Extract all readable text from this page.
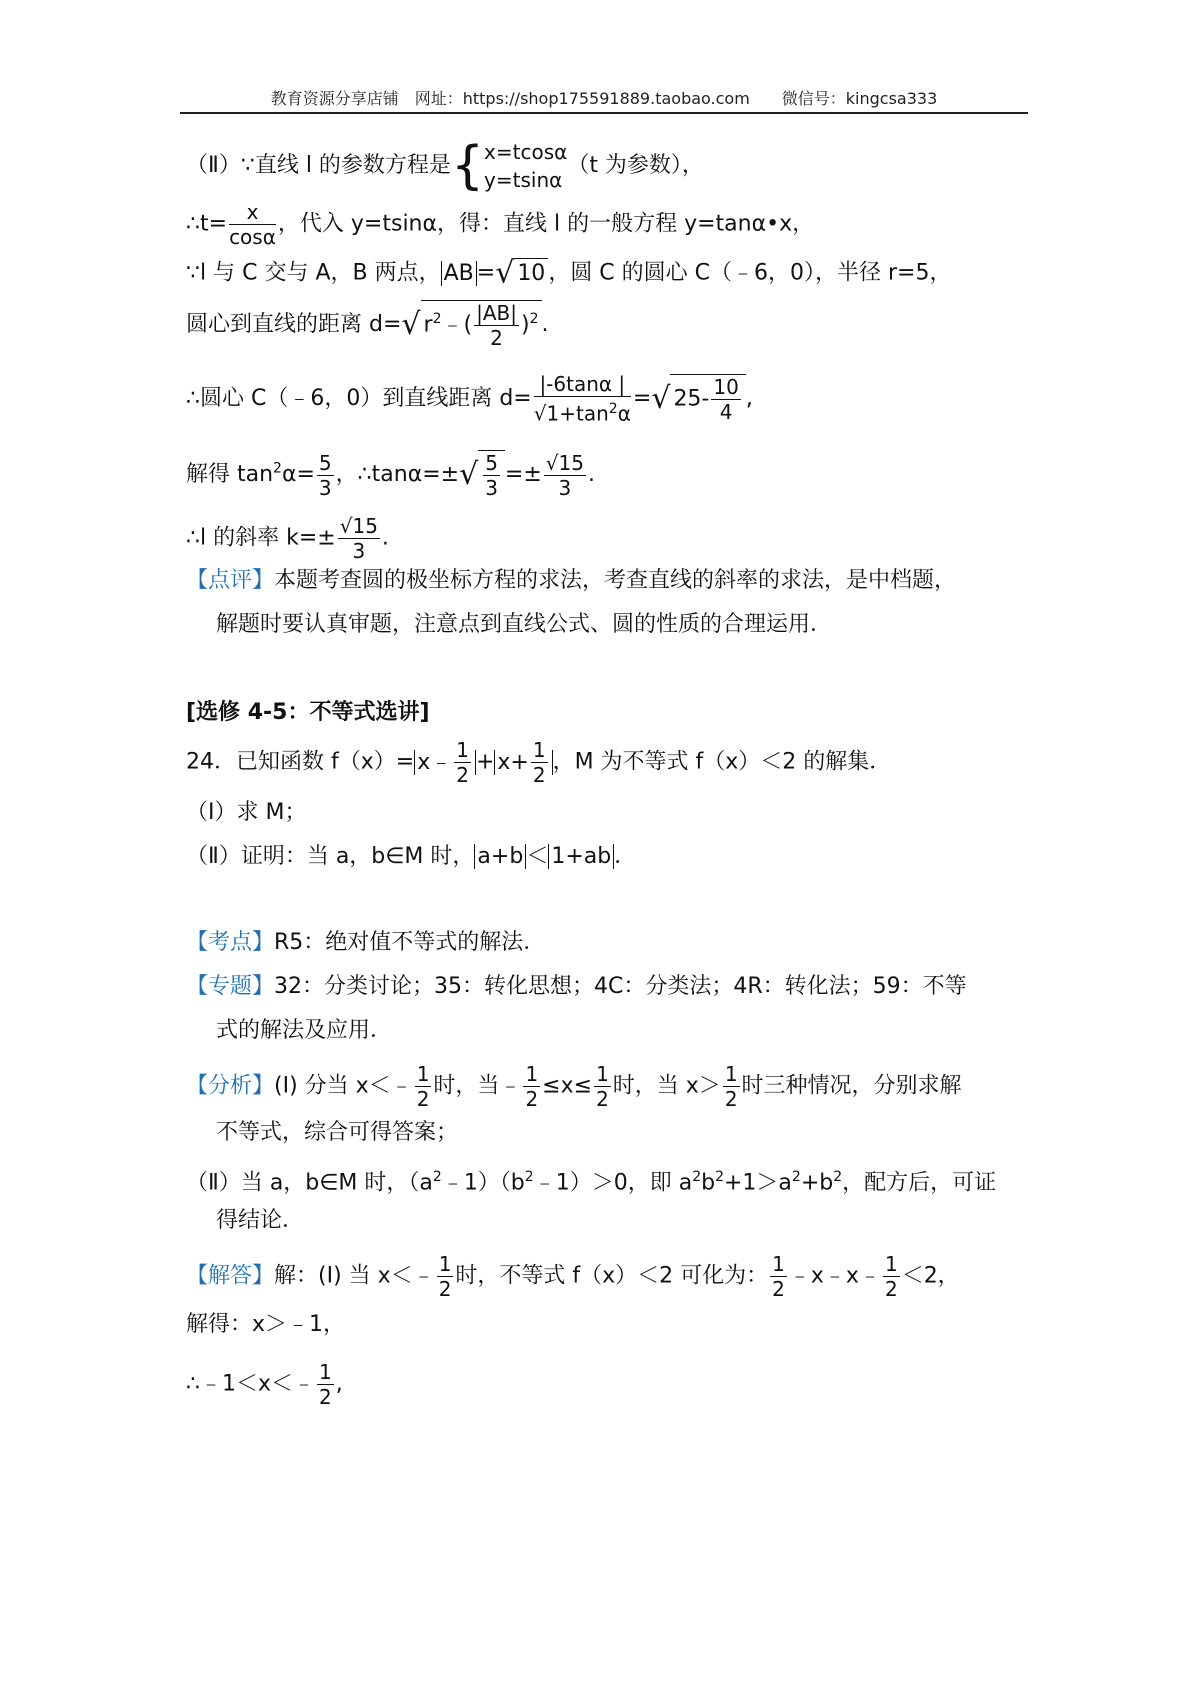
教育资源分享店铺　网址：https://shop175591889.taobao.com　　微信号：kingcsa333
（Ⅱ）∵直线 l 的参数方程是{x=tcosα
y=tsinα（t 为参数），
∴t= $\frac{x}{\cos\alpha}$ ，代入 y=tsinα，得：直线 l 的一般方程 y=tanα•x，
∵l 与 C 交与 A，B 两点， AB =√ 10 ，圆 C 的圆心 C（﹣6，0），半径 r=5，
圆心到直线的距离 d=√ $r^2﹣( \frac{|AB|}{2} )^2$ .
∴圆心 C（﹣6，0）到直线距离 $d= \frac{|-6\tan\alpha |}{√1+\tan^2\alpha}$ =√ $25- \frac{10}{4}$ ,
解得 $\tan^2\alpha= \frac{5}{3}$ ，∴tanα=±√ $\frac{5}{3} =\pm \frac{√15}{3}$ .
∴l 的斜率 $k=\pm \frac{√15}{3}$ .
【点评】本题考查圆的极坐标方程的求法，考查直线的斜率的求法，是中档题，
解题时要认真审题，注意点到直线公式、圆的性质的合理运用．
[选修 4-5：不等式选讲]
24．已知函数 f（x）= x﹣ $\frac{1}{2} + x+ \frac{1}{2}$ ，M 为不等式 f（x）＜2 的解集．
（Ⅰ）求 M；
（Ⅱ）证明：当 a，b∈M 时， a+b ＜ 1+ab ．
【考点】R5：绝对值不等式的解法．
【专题】32：分类讨论；35：转化思想；4C：分类法；4R：转化法；59：不等
式的解法及应用．
【分析】(Ⅰ) 分当 x＜﹣ $\frac{1}{2}$ 时，当﹣ $\frac{1}{2} \le x\le \frac{1}{2}$ 时，当 $x> \frac{1}{2}$ 时三种情况，分别求解
不等式，综合可得答案；
（Ⅱ）当 a，b∈M 时，$(a^2﹣1)(b^2﹣1)>0$，即 $a^2b^2+1>a^2+b^2$，配方后，可证
得结论．
【解答】解：(Ⅰ) 当 x＜﹣ $\frac{1}{2}$ 时，不等式 f（x）＜2 可化为： $\frac{1}{2}$ ﹣x﹣x﹣ $\frac{1}{2} <2$，
解得：x＞﹣1，
∴﹣1＜x＜﹣ $\frac{1}{2}$ ,
